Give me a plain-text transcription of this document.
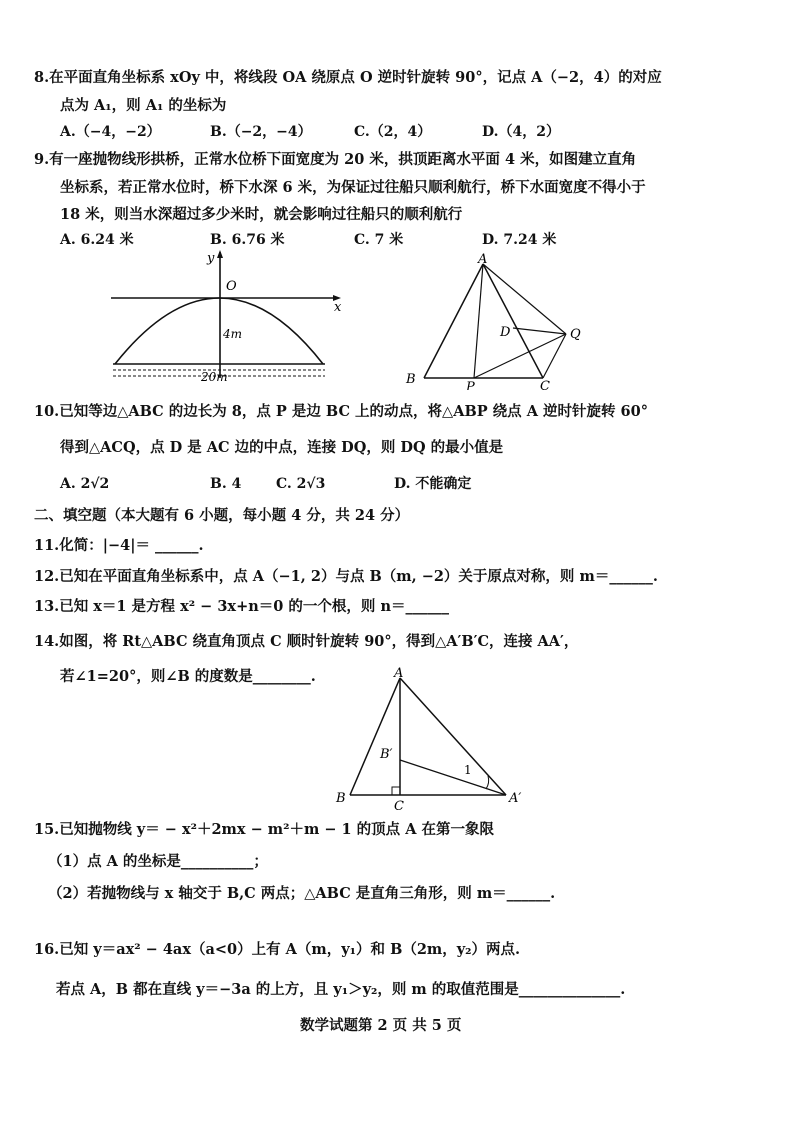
8.在平面直角坐标系 xOy 中，将线段 OA 绕原点 O 逆时针旋转 90°，记点 A（−2，4）的对应
点为 A₁，则 A₁ 的坐标为
A.（−4，−2）	B.（−2，−4）	C.（2，4）	D.（4，2）
9.有一座抛物线形拱桥，正常水位桥下面宽度为 20 米，拱顶距离水平面 4 米，如图建立直角
坐标系，若正常水位时，桥下水深 6 米，为保证过往船只顺利航行，桥下水面宽度不得小于
18 米，则当水深超过多少米时，就会影响过往船只的顺利航行
A. 6.24 米	B. 6.76 米	C. 7 米	D. 7.24 米
y
x
O
4m
20m
A
B	C
D
P
Q
10.已知等边△ABC 的边长为 8，点 P 是边 BC 上的动点，将△ABP 绕点 A 逆时针旋转 60°
得到△ACQ，点 D 是 AC 边的中点，连接 DQ，则 DQ 的最小值是
A. 2√2	B. 4 C. 2√3	D. 不能确定
二、填空题（本大题有 6 小题，每小题 4 分，共 24 分）
11.化简：|−4|＝ ______.
12.已知在平面直角坐标系中，点 A（−1, 2）与点 B（m, −2）关于原点对称，则 m＝______.
13.已知 x＝1 是方程 x² − 3x+n＝0 的一个根，则 n＝______
14.如图，将 Rt△ABC 绕直角顶点 C 顺时针旋转 90°，得到△A′B′C，连接 AA′，
若∠1=20°，则∠B 的度数是________.	A
B
C
B′
A′
1
15.已知抛物线 y＝ − x²＋2mx − m²＋m − 1 的顶点 A 在第一象限
（1）点 A 的坐标是__________；
（2）若抛物线与 x 轴交于 B,C 两点；△ABC 是直角三角形，则 m＝______.
16.已知 y＝ax² − 4ax（a<0）上有 A（m，y₁）和 B（2m，y₂）两点.
若点 A，B 都在直线 y＝−3a 的上方，且 y₁＞y₂，则 m 的取值范围是______________.
数学试题第 2 页 共 5 页
